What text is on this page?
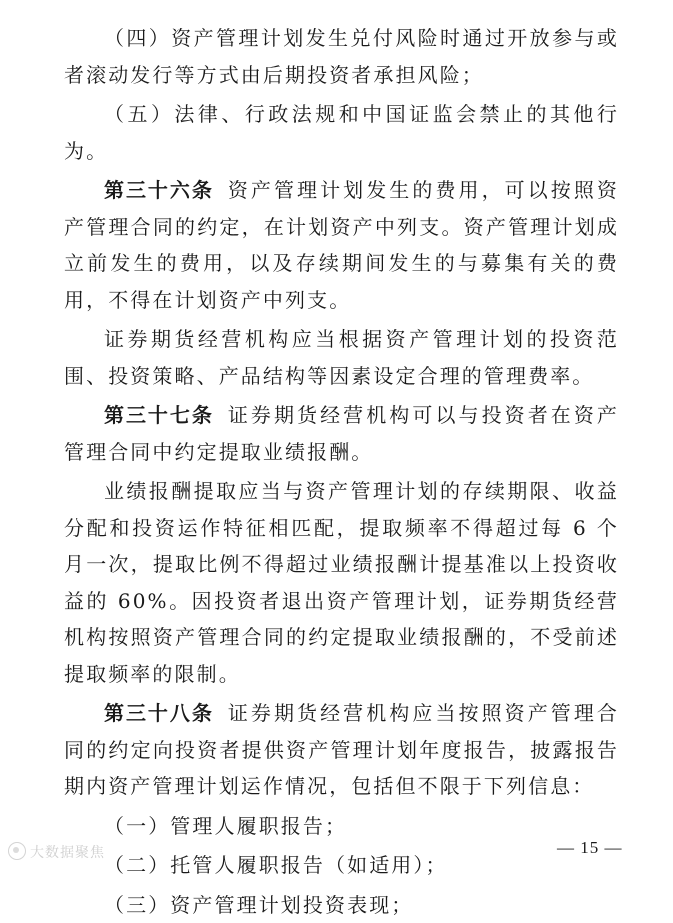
（四）资产管理计划发生兑付风险时通过开放参与或者滚动发行等方式由后期投资者承担风险；

（五）法律、行政法规和中国证监会禁止的其他行为。

第三十六条 资产管理计划发生的费用，可以按照资产管理合同的约定，在计划资产中列支。资产管理计划成立前发生的费用，以及存续期间发生的与募集有关的费用，不得在计划资产中列支。

证券期货经营机构应当根据资产管理计划的投资范围、投资策略、产品结构等因素设定合理的管理费率。

第三十七条 证券期货经营机构可以与投资者在资产管理合同中约定提取业绩报酬。

业绩报酬提取应当与资产管理计划的存续期限、收益分配和投资运作特征相匹配，提取频率不得超过每 6 个月一次，提取比例不得超过业绩报酬计提基准以上投资收益的 60%。因投资者退出资产管理计划，证券期货经营机构按照资产管理合同的约定提取业绩报酬的，不受前述提取频率的限制。

第三十八条 证券期货经营机构应当按照资产管理合同的约定向投资者提供资产管理计划年度报告，披露报告期内资产管理计划运作情况，包括但不限于下列信息：

（一）管理人履职报告；

（二）托管人履职报告（如适用）；

（三）资产管理计划投资表现；

大数据聚焦	— 15 —
